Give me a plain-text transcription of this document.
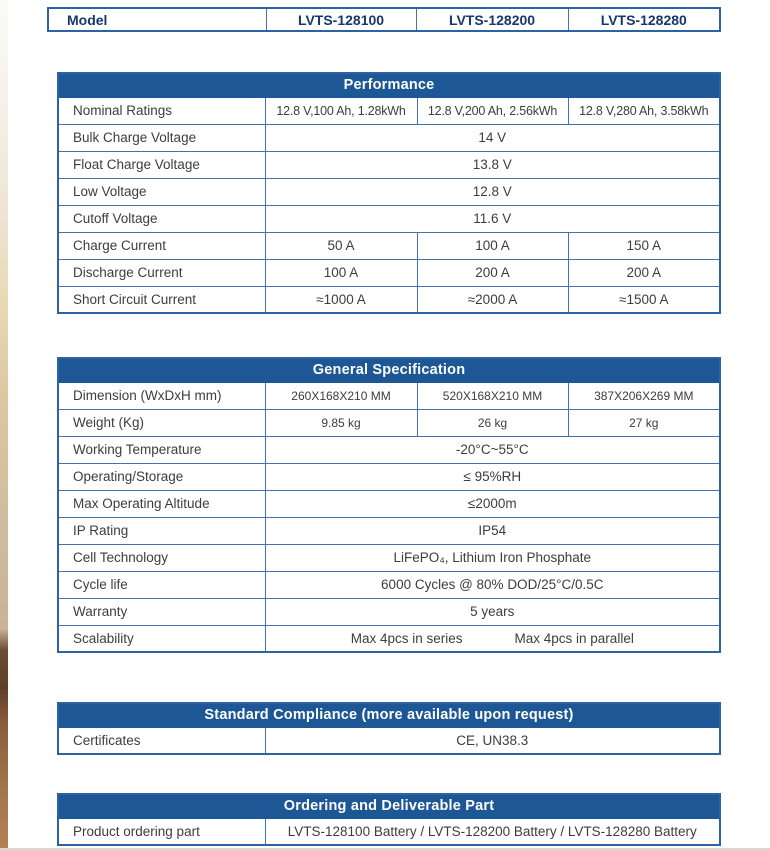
Model	LVTS-128100	LVTS-128200	LVTS-128280
Performance			
Nominal Ratings	12.8 V,100 Ah, 1.28kWh	12.8 V,200 Ah, 2.56kWh	12.8 V,280 Ah, 3.58kWh
Bulk Charge Voltage	14 V		
Float Charge Voltage	13.8 V		
Low Voltage	12.8 V		
Cutoff Voltage	11.6 V		
Charge Current	50 A	100 A	150 A
Discharge Current	100 A	200 A	200 A
Short Circuit Current	≈1000 A	≈2000 A	≈1500 A
General Specification			
Dimension (WxDxH mm)	260X168X210 MM	520X168X210 MM	387X206X269 MM
Weight (Kg)	9.85 kg	26 kg	27 kg
Working Temperature	-20°C~55°C		
Operating/Storage	≤ 95%RH		
Max Operating Altitude	≤2000m		
IP Rating	IP54		
Cell Technology	LiFePO₄, Lithium Iron Phosphate		
Cycle life	6000 Cycles @ 80% DOD/25°C/0.5C		
Warranty	5 years		
Scalability	Max 4pcs in series Max 4pcs in parallel		
Standard Compliance (more available upon request)
Certificates	CE, UN38.3
Ordering and Deliverable Part
Product ordering part	LVTS-128100 Battery / LVTS-128200 Battery / LVTS-128280 Battery
